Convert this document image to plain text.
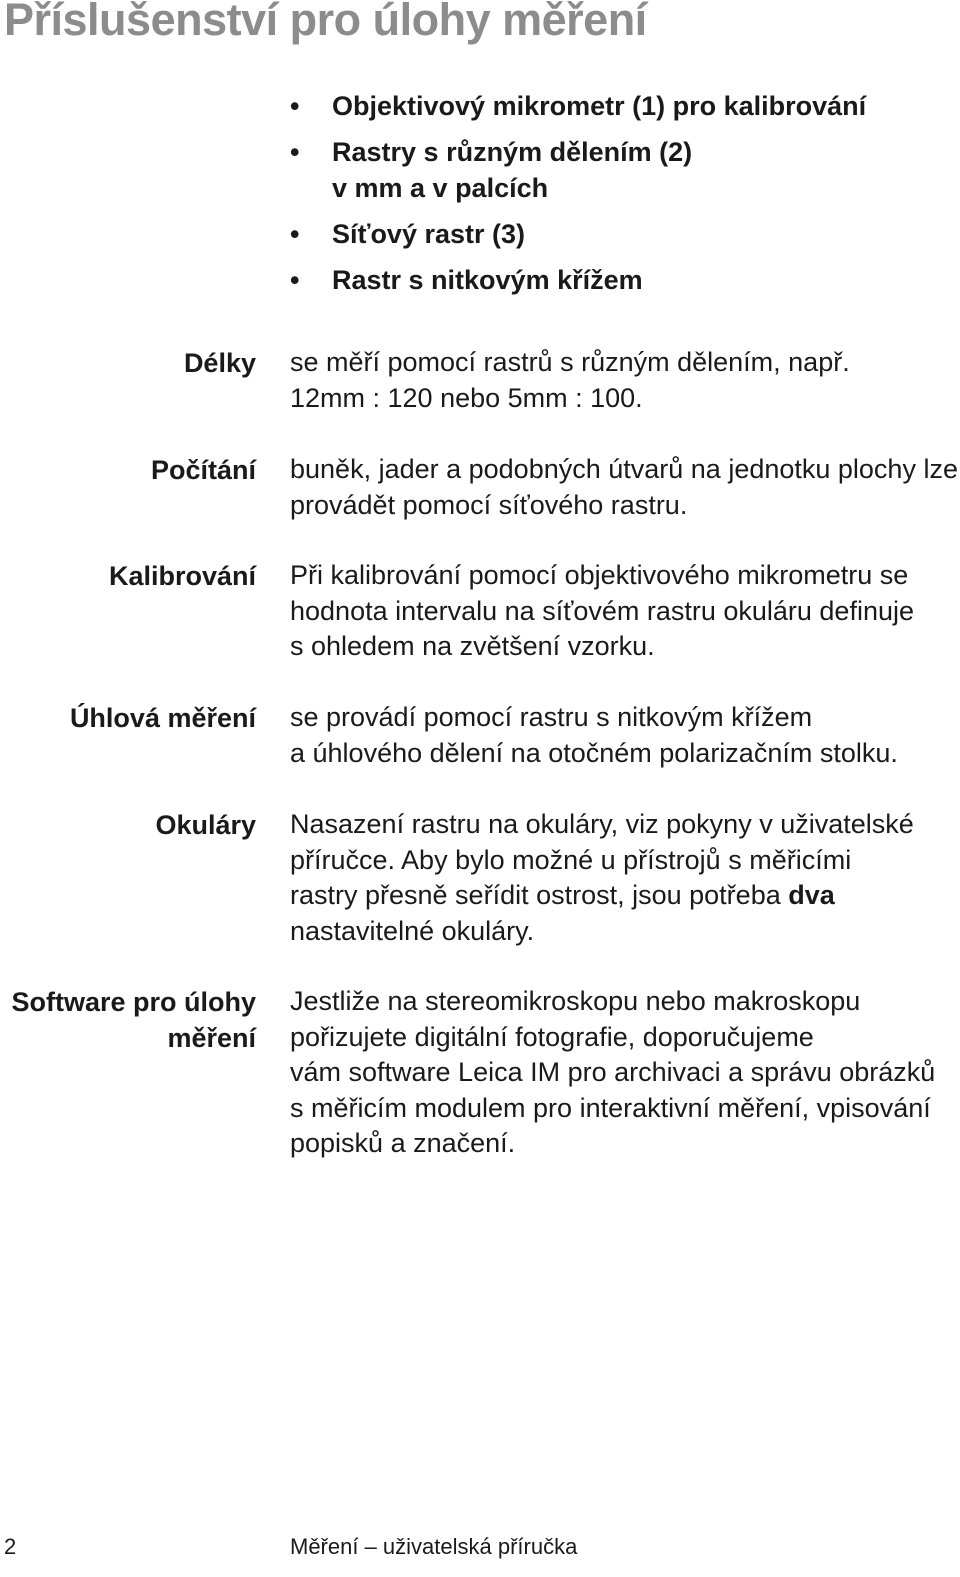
Příslušenství pro úlohy měření
• Objektivový mikrometr (1) pro kalibrování
• Rastry s různým dělením (2)
v mm a v palcích
• Síťový rastr (3)
• Rastr s nitkovým křížem
Délky se měří pomocí rastrů s různým dělením, např.
12mm : 120 nebo 5mm : 100.
Počítání buněk, jader a podobných útvarů na jednotku plochy lze
provádět pomocí síťového rastru.
Kalibrování Při kalibrování pomocí objektivového mikrometru se
hodnota intervalu na síťovém rastru okuláru definuje
s ohledem na zvětšení vzorku.
Úhlová měření se provádí pomocí rastru s nitkovým křížem
a úhlového dělení na otočném polarizačním stolku.
Okuláry Nasazení rastru na okuláry, viz pokyny v uživatelské
příručce. Aby bylo možné u přístrojů s měřicími
rastry přesně seřídit ostrost, jsou potřeba dva
nastavitelné okuláry.
Software pro úlohy
měření
Jestliže na stereomikroskopu nebo makroskopu
pořizujete digitální fotografie, doporučujeme
vám software Leica IM pro archivaci a správu obrázků
s měřicím modulem pro interaktivní měření, vpisování
popisků a značení.
2	Měření – uživatelská příručka
